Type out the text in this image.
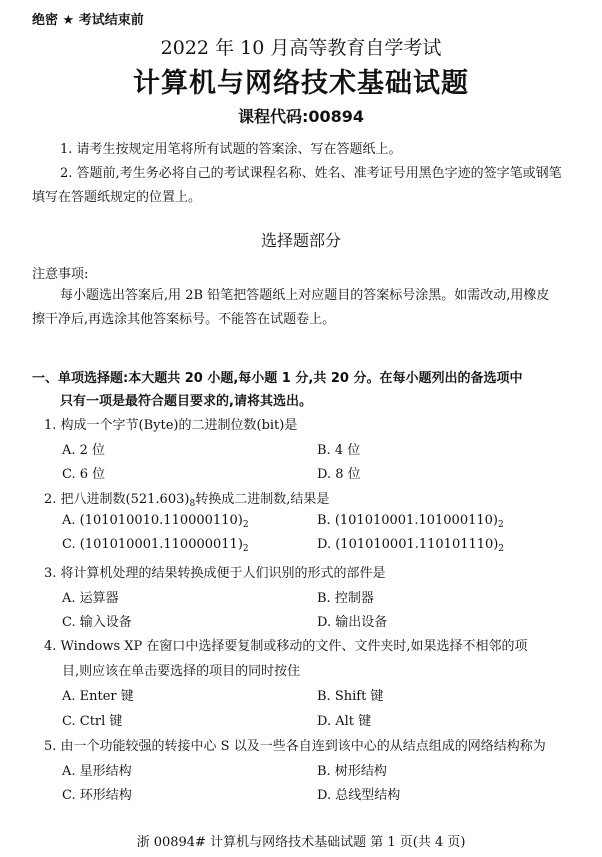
绝密 ★ 考试结束前
2022 年 10 月高等教育自学考试
计算机与网络技术基础试题
课程代码:00894
1. 请考生按规定用笔将所有试题的答案涂、写在答题纸上。
2. 答题前,考生务必将自己的考试课程名称、姓名、准考证号用黑色字迹的签字笔或钢笔
填写在答题纸规定的位置上。
选择题部分
注意事项:
每小题选出答案后,用 2B 铅笔把答题纸上对应题目的答案标号涂黑。如需改动,用橡皮
擦干净后,再选涂其他答案标号。不能答在试题卷上。
一、单项选择题:本大题共 20 小题,每小题 1 分,共 20 分。在每小题列出的备选项中
只有一项是最符合题目要求的,请将其选出。
1. 构成一个字节(Byte)的二进制位数(bit)是
A. 2 位	B. 4 位
C. 6 位	D. 8 位
2. 把八进制数$(521.603)_8$转换成二进制数,结果是
A. $(101010010.110000110)_2$	B. $(101010001.101000110)_2$
C. $(101010001.110000011)_2$	D. $(101010001.110101110)_2$
3. 将计算机处理的结果转换成便于人们识别的形式的部件是
A. 运算器	B. 控制器
C. 输入设备	D. 输出设备
4. Windows XP 在窗口中选择要复制或移动的文件、文件夹时,如果选择不相邻的项
目,则应该在单击要选择的项目的同时按住
A. Enter 键	B. Shift 键
C. Ctrl 键	D. Alt 键
5. 由一个功能较强的转接中心 S 以及一些各自连到该中心的从结点组成的网络结构称为
A. 星形结构	B. 树形结构
C. 环形结构	D. 总线型结构
浙 00894# 计算机与网络技术基础试题 第 1 页(共 4 页)
